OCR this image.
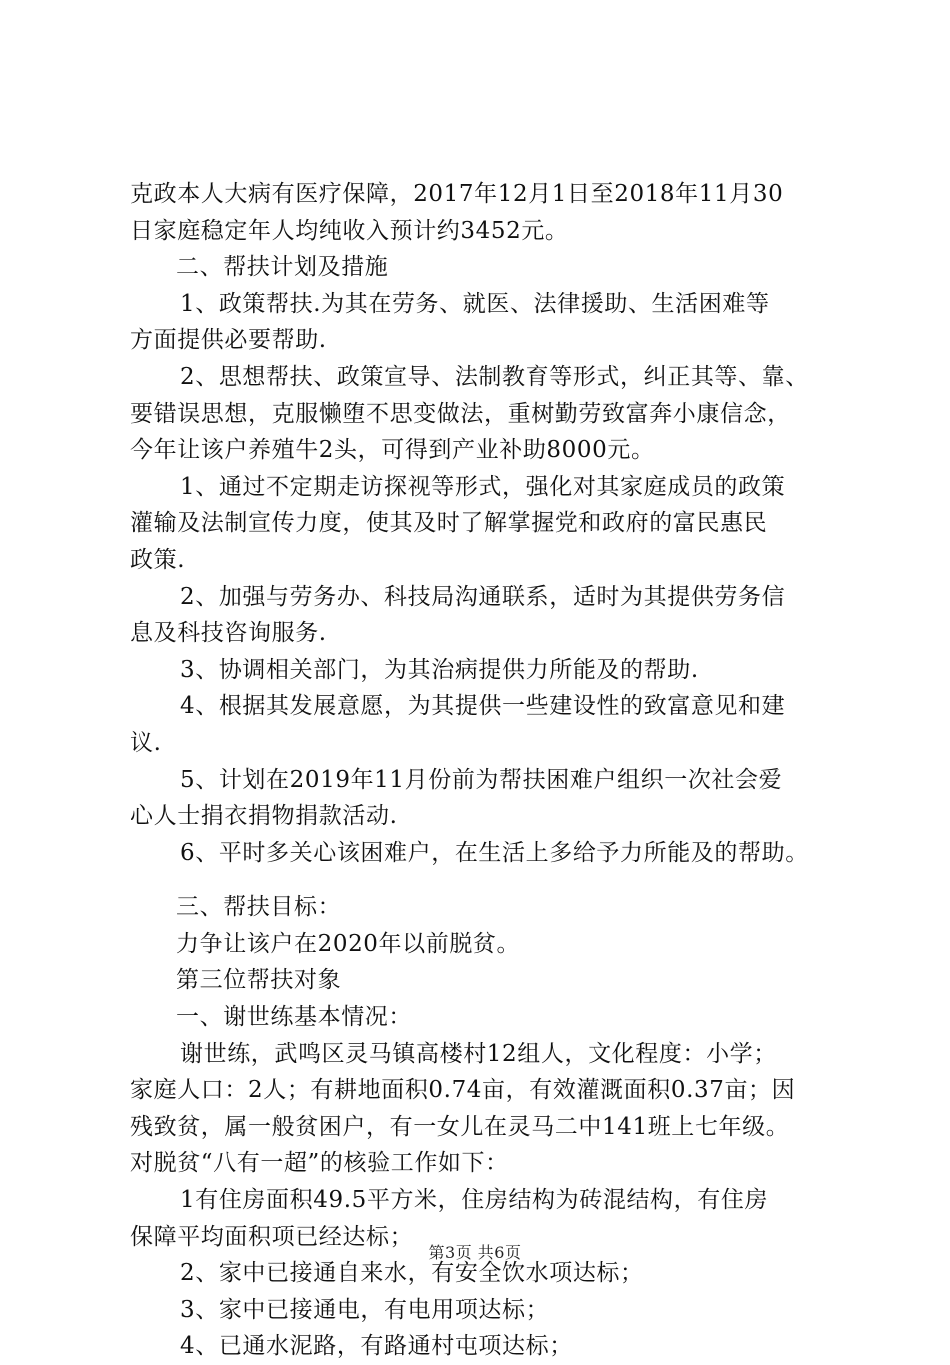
克政本人大病有医疗保障，2017年12月1日至2018年11月30
日家庭稳定年人均纯收入预计约3452元。
二、帮扶计划及措施
1、政策帮扶.为其在劳务、就医、法律援助、生活困难等
方面提供必要帮助.
2、思想帮扶、政策宣导、法制教育等形式，纠正其等、靠、
要错误思想，克服懒堕不思变做法，重树勤劳致富奔小康信念，
今年让该户养殖牛2头，可得到产业补助8000元。
1、通过不定期走访探视等形式，强化对其家庭成员的政策
灌输及法制宣传力度，使其及时了解掌握党和政府的富民惠民
政策.
2、加强与劳务办、科技局沟通联系，适时为其提供劳务信
息及科技咨询服务.
3、协调相关部门，为其治病提供力所能及的帮助.
4、根据其发展意愿，为其提供一些建设性的致富意见和建
议.
5、计划在2019年11月份前为帮扶困难户组织一次社会爱
心人士捐衣捐物捐款活动.
6、平时多关心该困难户，在生活上多给予力所能及的帮助。
三、帮扶目标：
力争让该户在2020年以前脱贫。
第三位帮扶对象
一、谢世练基本情况：
谢世练，武鸣区灵马镇高楼村12组人，文化程度：小学；
家庭人口：2人；有耕地面积0.74亩，有效灌溉面积0.37亩；因
残致贫，属一般贫困户，有一女儿在灵马二中141班上七年级。
对脱贫“八有一超”的核验工作如下：
1有住房面积49.5平方米，住房结构为砖混结构，有住房
保障平均面积项已经达标；
2、家中已接通自来水，有安全饮水项达标；
3、家中已接通电，有电用项达标；
4、已通水泥路，有路通村屯项达标；
第3页 共6页
